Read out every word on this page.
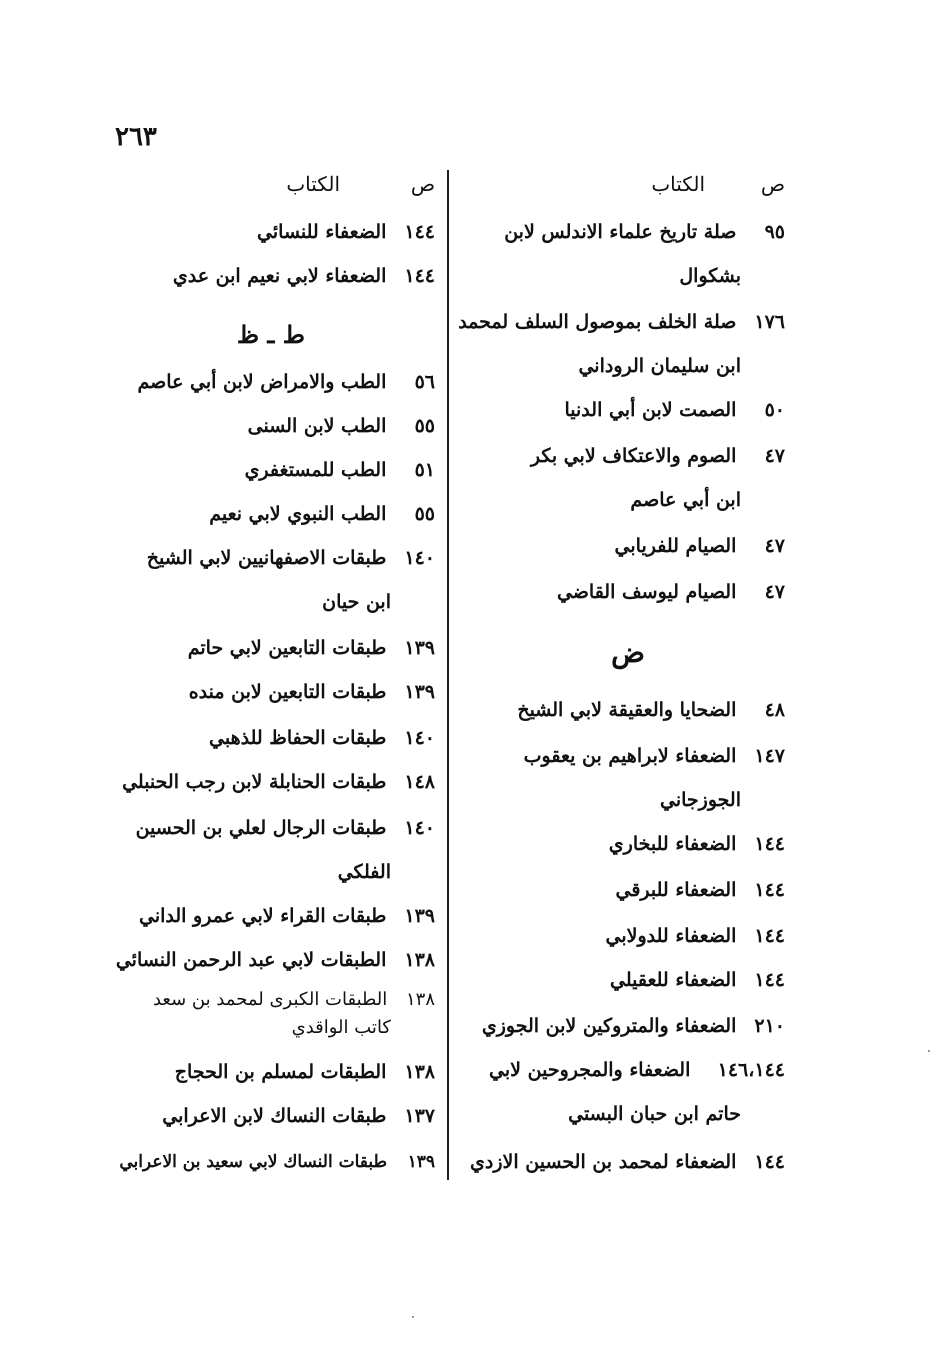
٢٦٣
ص
الكتاب
٩٥ صلة تاريخ علماء الاندلس لابن
بشكوال
١٧٦ صلة الخلف بموصول السلف لمحمد
ابن سليمان الروداني
٥٠ الصمت لابن أبي الدنيا
٤٧ الصوم والاعتكاف لابي بكر
ابن أبي عاصم
٤٧ الصيام للفريابي
٤٧ الصيام ليوسف القاضي
ض
٤٨ الضحايا والعقيقة لابي الشيخ
١٤٧ الضعفاء لابراهيم بن يعقوب
الجوزجاني
١٤٤ الضعفاء للبخاري
١٤٤ الضعفاء للبرقي
١٤٤ الضعفاء للدولابي
١٤٤ الضعفاء للعقيلي
٢١٠ الضعفاء والمتروكين لابن الجوزي
١٤٦،١٤٤ الضعفاء والمجروحين لابي
حاتم ابن حبان البستي
١٤٤ الضعفاء لمحمد بن الحسين الازدي
ص
الكتاب
١٤٤ الضعفاء للنسائي
١٤٤ الضعفاء لابي نعيم ابن عدي
ط ـ ظ
٥٦ الطب والامراض لابن أبي عاصم
٥٥ الطب لابن السنى
٥١ الطب للمستغفري
٥٥ الطب النبوي لابي نعيم
١٤٠ طبقات الاصفهانيين لابي الشيخ
ابن حيان
١٣٩ طبقات التابعين لابي حاتم
١٣٩ طبقات التابعين لابن منده
١٤٠ طبقات الحفاظ للذهبي
١٤٨ طبقات الحنابلة لابن رجب الحنبلي
١٤٠ طبقات الرجال لعلي بن الحسين
الفلكي
١٣٩ طبقات القراء لابي عمرو الداني
١٣٨ الطبقات لابي عبد الرحمن النسائي
١٣٨ الطبقات الكبرى لمحمد بن سعد
كاتب الواقدي
١٣٨ الطبقات لمسلم بن الحجاج
١٣٧ طبقات النساك لابن الاعرابي
١٣٩ طبقات النساك لابي سعيد بن الاعرابي
